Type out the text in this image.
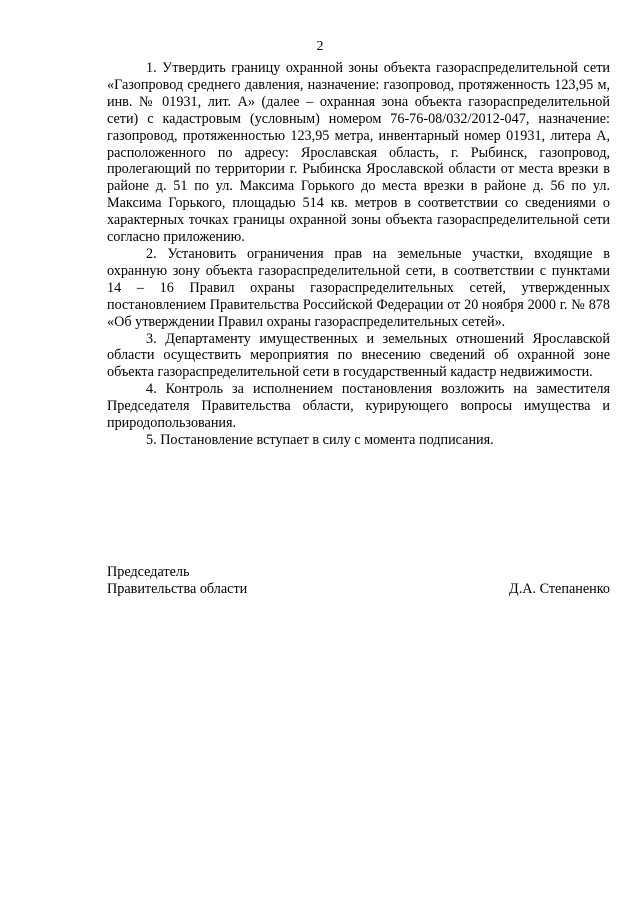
2

1. Утвердить границу охранной зоны объекта газораспределительной сети «Газопровод среднего давления, назначение: газопровод, протяженность 123,95 м, инв. № 01931, лит. А» (далее – охранная зона объекта газораспределительной сети) с кадастровым (условным) номером 76-76-08/032/2012-047, назначение: газопровод, протяженностью 123,95 метра, инвентарный номер 01931, литера А, расположенного по адресу: Ярославская область, г. Рыбинск, газопровод, пролегающий по территории г. Рыбинска Ярославской области от места врезки в районе д. 51 по ул. Максима Горького до места врезки в районе д. 56 по ул. Максима Горького, площадью 514 кв. метров в соответствии со сведениями о характерных точках границы охранной зоны объекта газораспределительной сети согласно приложению.

2. Установить ограничения прав на земельные участки, входящие в охранную зону объекта газораспределительной сети, в соответствии с пунктами 14 – 16 Правил охраны газораспределительных сетей, утвержденных постановлением Правительства Российской Федерации от 20 ноября 2000 г. № 878 «Об утверждении Правил охраны газораспределительных сетей».

3. Департаменту имущественных и земельных отношений Ярославской области осуществить мероприятия по внесению сведений об охранной зоне объекта газораспределительной сети в государственный кадастр недвижимости.

4. Контроль за исполнением постановления возложить на заместителя Председателя Правительства области, курирующего вопросы имущества и природопользования.

5. Постановление вступает в силу с момента подписания.

Председатель
Правительства области	Д.А. Степаненко
